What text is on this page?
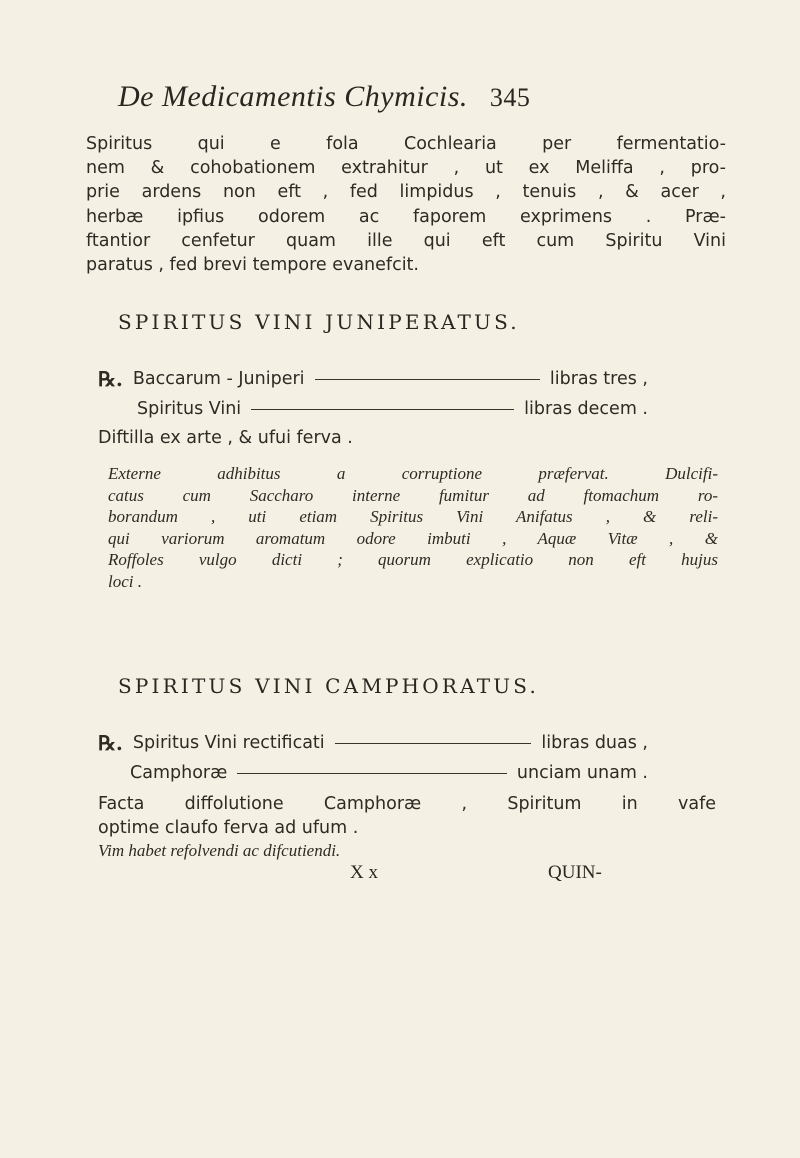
De Medicamentis Chymicis. 345
Spiritus qui e fola Cochlearia per fermentatio-
nem & cohobationem extrahitur , ut ex Meliffa , pro-
prie ardens non eft , fed limpidus , tenuis , & acer ,
herbæ ipfius odorem ac faporem exprimens . Præ-
ftantior cenfetur quam ille qui eft cum Spiritu Vini
paratus , fed brevi tempore evanefcit.
SPIRITUS VINI JUNIPERATUS.
℞. Baccarum - Juniperi	libras tres ,
Spiritus Vini	libras decem .
Diftilla ex arte , & ufui ferva .
Externe adhibitus a corruptione præfervat. Dulcifi-
catus cum Saccharo interne fumitur ad ftomachum ro-
borandum , uti etiam Spiritus Vini Anifatus , & reli-
qui variorum aromatum odore imbuti , Aquæ Vitæ , &
Roffoles vulgo dicti ; quorum explicatio non eft hujus
loci .
SPIRITUS VINI CAMPHORATUS.
℞. Spiritus Vini rectificati	libras duas ,
Camphoræ	unciam unam .
Facta diffolutione Camphoræ , Spiritum in vafe
optime claufo ferva ad ufum .
Vim habet refolvendi ac difcutiendi.
X x	QUIN-
